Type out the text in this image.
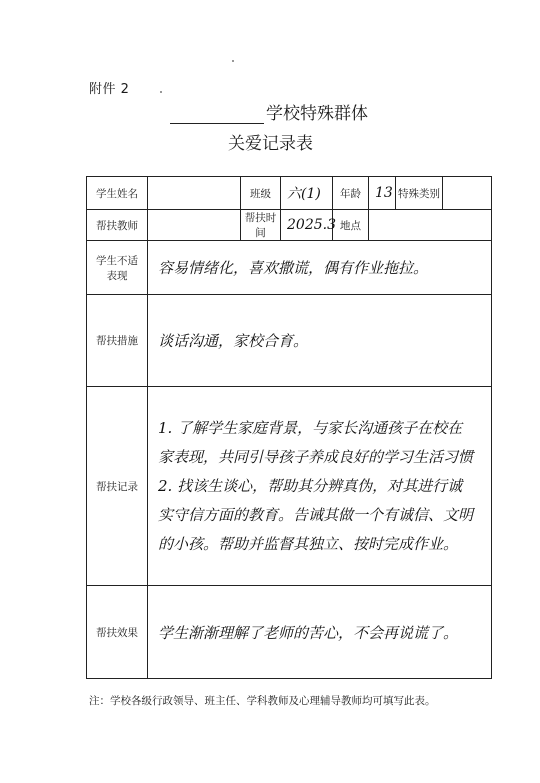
附件 2
学校特殊群体
关爱记录表
学生姓名		班级	六(1)	年龄	13	特殊类别	
帮扶教师		帮扶时间	2025.3	地点			
学生不适
表现	容易情绪化，喜欢撒谎，偶有作业拖拉。						
帮扶措施	谈话沟通，家校合育。						
帮扶记录	1. 了解学生家庭背景，与家长沟通孩子在校在
家表现，共同引导孩子养成良好的学习生活习惯
2. 找该生谈心，帮助其分辨真伪，对其进行诚
实守信方面的教育。告诫其做一个有诚信、文明
的小孩。帮助并监督其独立、按时完成作业。						

帮扶效果	学生渐渐理解了老师的苦心，不会再说谎了。						
注：学校各级行政领导、班主任、学科教师及心理辅导教师均可填写此表。
